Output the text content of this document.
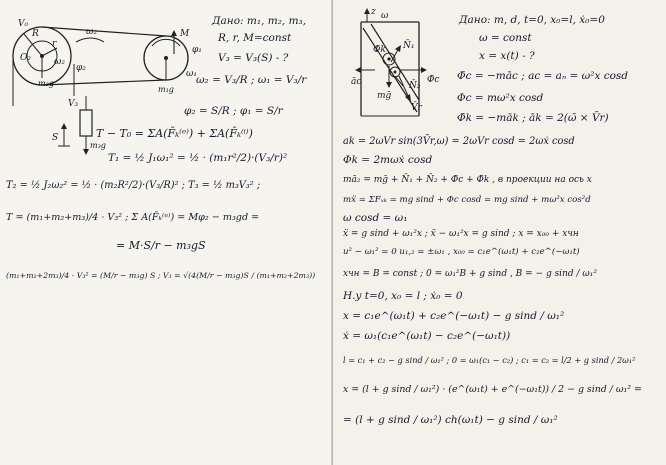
V₀
R
r
O₂	ω₂
m₂g
ω₂
φ₂
M
φ₁
ω₁
m₁g
V₃
m₃g
S
Дано: m₁, m₂, m₃,
R, r, M=const
V₃ = V₃(S) - ?
ω₂ = V₃/R ; ω₁ = V₃/r
φ₂ = S/R ; φ₁ = S/r
T − T₀ = ΣA(F̄ₖ⁽ᵉ⁾) + ΣA(F̄ₖ⁽ⁱ⁾)
T₁ = ½ J₁ω₁² = ½ · (m₁r²/2)·(V₃/r)²
T₂ = ½ J₂ω₂² = ½ · (m₂R²/2)·(V₃/R)² ; T₃ = ½ m₃V₃² ;
T = (m₁+m₂+m₃)/4 · V₃² ; Σ A(F̄ₖ⁽ᵉ⁾) = Mφ₂ − m₃gd =
= M·S/r − m₃gS
(m₁+m₂+2m₃)/4 · V₃² = (M/r − m₃g) S ; V₃ = √(4(M/r − m₃g)S / (m₁+m₂+2m₃))
z ω
N̄₁
āc	Φ̄c
N̄₂
V̄r
Φ̄k
mḡ
Дано: m, d, t=0, x₀=l, ẋ₀=0
ω = const
x = x(t) - ?
Φ̄c = −māc ; ac = aₙ = ω²x cosd
Φc = mω²x cosd
Φ̄k = −māk ; āk = 2(ω̄ × V̄r)
ak = 2ωVr sin(3V̄r,ω) = 2ωVr cosd = 2ωẋ cosd
Φk = 2mωẋ cosd
mā₂ = mḡ + N̄₁ + N̄₂ + Φ̄c + Φ̄k , в проекции на ось x
mẍ = ΣFₓₖ = mg sind + Φc cosd = mg sind + mω²x cos²d
ω cosd = ω₁
ẍ = g sind + ω₁²x ; ẍ − ω₁²x = g sind ; x = x₀₀ + xчн
u² − ω₁² = 0 u₁,₂ = ±ω₁ , x₀₀ = c₁e^(ω₁t) + c₂e^(−ω₁t)
xчн = B = const ; 0 = ω₁²B + g sind , B = − g sind / ω₁²
H.y t=0, x₀ = l ; ẋ₀ = 0
x = c₁e^(ω₁t) + c₂e^(−ω₁t) − g sind / ω₁²
ẋ = ω₁(c₁e^(ω₁t) − c₂e^(−ω₁t))
l = c₁ + c₂ − g sind / ω₁² ; 0 = ω₁(c₁ − c₂) ; c₁ = c₂ = l/2 + g sind / 2ω₁²
x = (l + g sind / ω₁²) · (e^(ω₁t) + e^(−ω₁t)) / 2 − g sind / ω₁² =
= (l + g sind / ω₁²) ch(ω₁t) − g sind / ω₁²
